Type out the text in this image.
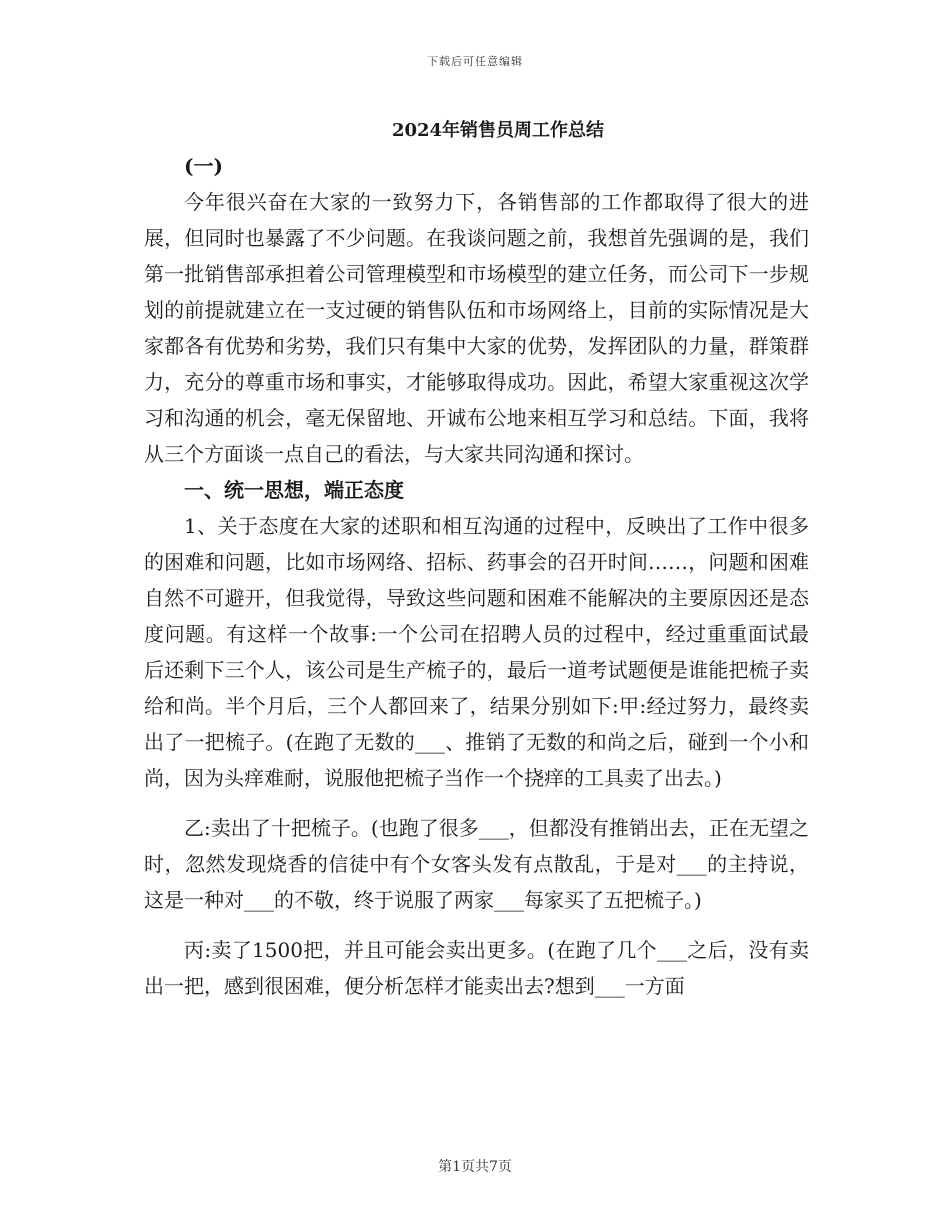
下载后可任意编辑
2024年销售员周工作总结
(一)

今年很兴奋在大家的一致努力下，各销售部的工作都取得了很大的进展，但同时也暴露了不少问题。在我谈问题之前，我想首先强调的是，我们第一批销售部承担着公司管理模型和市场模型的建立任务，而公司下一步规划的前提就建立在一支过硬的销售队伍和市场网络上，目前的实际情况是大家都各有优势和劣势，我们只有集中大家的优势，发挥团队的力量，群策群力，充分的尊重市场和事实，才能够取得成功。因此，希望大家重视这次学习和沟通的机会，毫无保留地、开诚布公地来相互学习和总结。下面，我将从三个方面谈一点自己的看法，与大家共同沟通和探讨。

一、统一思想，端正态度

1、关于态度在大家的述职和相互沟通的过程中，反映出了工作中很多的困难和问题，比如市场网络、招标、药事会的召开时间……，问题和困难自然不可避开，但我觉得，导致这些问题和困难不能解决的主要原因还是态度问题。有这样一个故事:一个公司在招聘人员的过程中，经过重重面试最后还剩下三个人，该公司是生产梳子的，最后一道考试题便是谁能把梳子卖给和尚。半个月后，三个人都回来了，结果分别如下:甲:经过努力，最终卖出了一把梳子。(在跑了无数的___、推销了无数的和尚之后，碰到一个小和尚，因为头痒难耐，说服他把梳子当作一个挠痒的工具卖了出去。)

乙:卖出了十把梳子。(也跑了很多___，但都没有推销出去，正在无望之时，忽然发现烧香的信徒中有个女客头发有点散乱，于是对___的主持说，这是一种对___的不敬，终于说服了两家___每家买了五把梳子。)

丙:卖了1500把，并且可能会卖出更多。(在跑了几个___之后，没有卖出一把，感到很困难，便分析怎样才能卖出去?想到___一方面

第1页共7页
